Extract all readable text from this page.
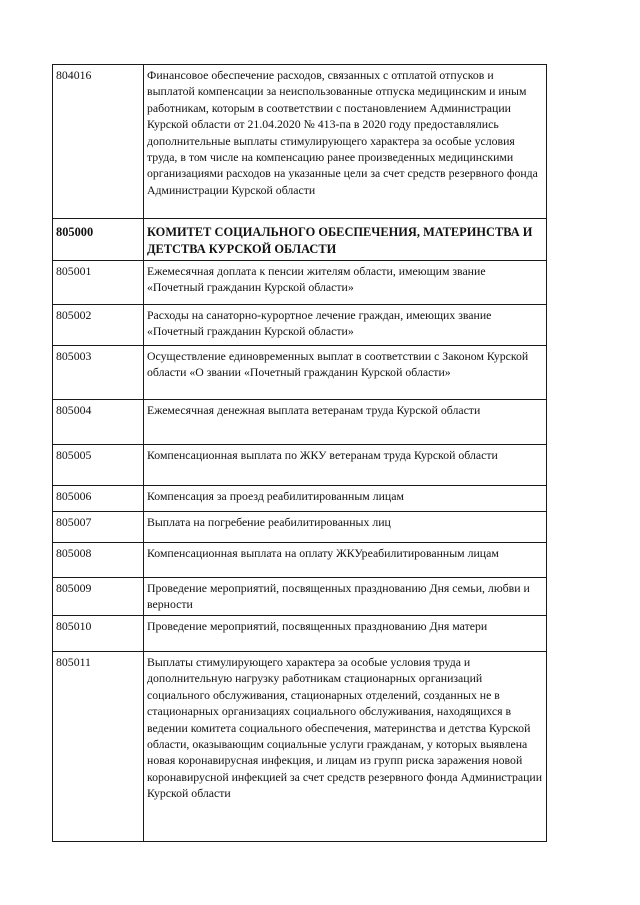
804016	Финансовое обеспечение расходов, связанных с отплатой отпусков и выплатой компенсации за неиспользованные отпуска медицинским и иным работникам, которым в соответствии с постановлением Администрации Курской области от 21.04.2020 № 413-па в 2020 году предоставлялись дополнительные выплаты стимулирующего характера за особые условия труда, в том числе на компенсацию ранее произведенных медицинскими организациями расходов на указанные цели за счет средств резервного фонда Администрации Курской области
805000	КОМИТЕТ СОЦИАЛЬНОГО ОБЕСПЕЧЕНИЯ, МАТЕРИНСТВА И ДЕТСТВА КУРСКОЙ ОБЛАСТИ
805001	Ежемесячная доплата к пенсии жителям области, имеющим звание «Почетный гражданин Курской области»
805002	Расходы на санаторно-курортное лечение граждан, имеющих звание «Почетный гражданин Курской области»
805003	Осуществление единовременных выплат в соответствии с Законом Курской области «О звании «Почетный гражданин Курской области»
805004	Ежемесячная денежная выплата ветеранам труда Курской области
805005	Компенсационная выплата по ЖКУ ветеранам труда Курской области
805006	Компенсация за проезд реабилитированным лицам
805007	Выплата на погребение реабилитированных лиц
805008	Компенсационная выплата на оплату ЖКУреабилитированным лицам
805009	Проведение мероприятий, посвященных празднованию Дня семьи, любви и верности
805010	Проведение мероприятий, посвященных празднованию Дня матери
805011	Выплаты стимулирующего характера за особые условия труда и дополнительную нагрузку работникам стационарных организаций социального обслуживания, стационарных отделений, созданных не в стационарных организациях социального обслуживания, находящихся в ведении комитета социального обеспечения, материнства и детства Курской области, оказывающим социальные услуги гражданам, у которых выявлена новая коронавирусная инфекция, и лицам из групп риска заражения новой коронавирусной инфекцией за счет средств резервного фонда Администрации Курской области
